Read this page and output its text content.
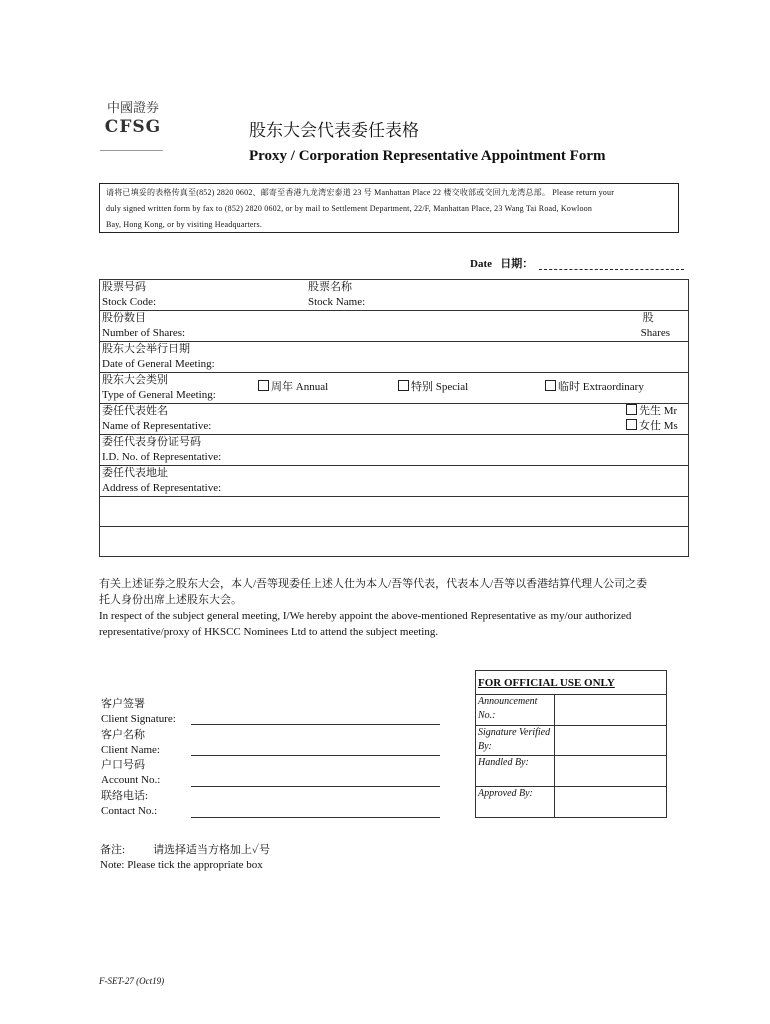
中國證券
CFSG	股东大会代表委任表格
Proxy / Corporation Representative Appointment Form
请将已填妥的表格传真至(852) 2820 0602、邮寄至香港九龙湾宏泰道 23 号 Manhattan Place 22 楼交收部或交回九龙湾总部。 Please return your
duly signed written form by fax to (852) 2820 0602, or by mail to Settlement Department, 22/F, Manhattan Place, 23 Wang Tai Road, Kowloon
Bay, Hong Kong, or by visiting Headquarters.
Date 日期：
股票号码
Stock Code:
股票名称
Stock Name:

股份数目
Number of Shares:
股
Shares

股东大会举行日期
Date of General Meeting:

股东大会类别
Type of General Meeting:
周年 Annual	特别 Special	临时 Extraordinary

委任代表姓名
Name of Representative:
先生 Mr
女仕 Ms

委任代表身份证号码
I.D. No. of Representative:

委任代表地址
Address of Representative:

有关上述证券之股东大会，本人/吾等现委任上述人仕为本人/吾等代表，代表本人/吾等以香港结算代理人公司之委
托人身份出席上述股东大会。
In respect of the subject general meeting, I/We hereby appoint the above-mentioned Representative as my/our authorized
representative/proxy of HKSCC Nominees Ltd to attend the subject meeting.
客户签署
Client Signature:
客户名称
Client Name:
户口号码
Account No.:
联络电话:
Contact No.:
FOR OFFICIAL USE ONLY	
Announcement No.:	
Signature Verified By:	
Handled By:	
Approved By:	
备注:	请选择适当方格加上✓号
Note: Please tick the appropriate box
F-SET-27 (Oct19)
